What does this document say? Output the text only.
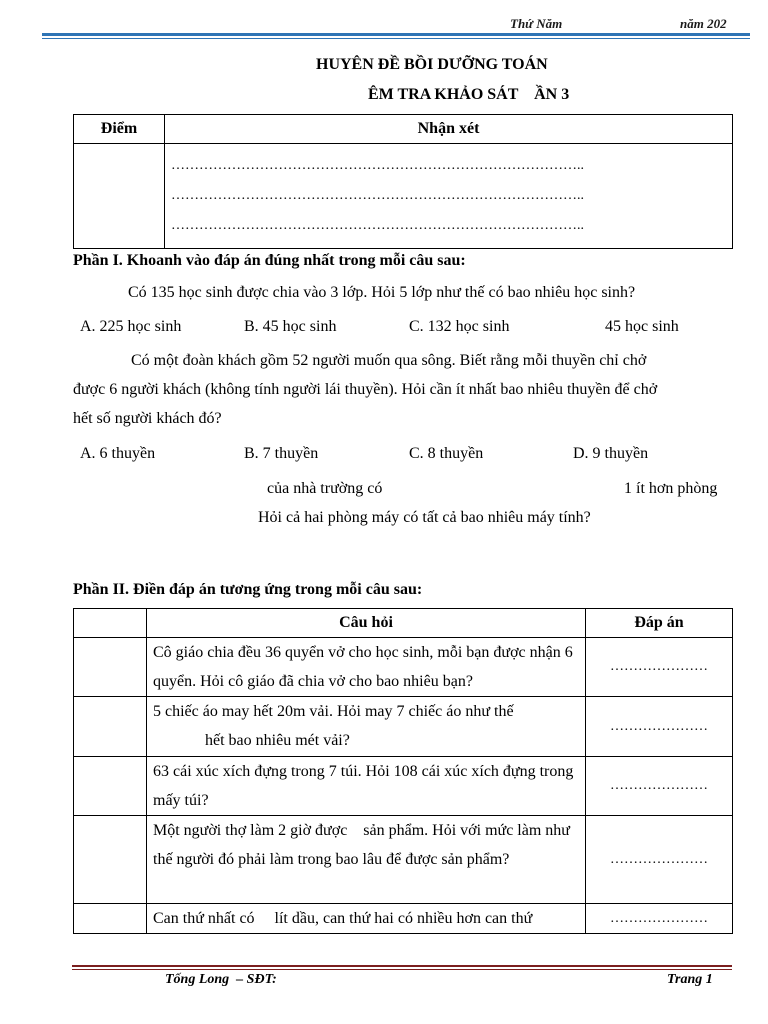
Thứ Năm	năm 202
HUYÊN ĐỀ BỒI DƯỠNG TOÁN
ÊM TRA KHẢO SÁT    ẦN 3
Điểm	Nhận xét

	……………………………………………………………………………..
……………………………………………………………………………..
……………………………………………………………………………..
Phần I. Khoanh vào đáp án đúng nhất trong mỗi câu sau:
Có 135 học sinh được chia vào 3 lớp. Hỏi 5 lớp như thế có bao nhiêu học sinh?
A. 225 học sinh	B. 45 học sinh	C. 132 học sinh	45 học sinh
Có một đoàn khách gồm 52 người muốn qua sông. Biết rằng mỗi thuyền chỉ chở
được 6 người khách (không tính người lái thuyền). Hỏi cần ít nhất bao nhiêu thuyền để chở
hết số người khách đó?
A. 6 thuyền	B. 7 thuyền	C. 8 thuyền	D. 9 thuyền
của nhà trường có	1 ít hơn phòng
Hỏi cả hai phòng máy có tất cả bao nhiêu máy tính?
Phần II. Điền đáp án tương ứng trong mỗi câu sau:
	Câu hỏi	Đáp án
	Cô giáo chia đều 36 quyển vở cho học sinh, mỗi bạn được nhận 6 quyển. Hỏi cô giáo đã chia vở cho bao nhiêu bạn?	…………………

	5 chiếc áo may hết 20m vải. Hỏi may 7 chiếc áo như thế
hết bao nhiêu mét vải?	…………………
	63 cái xúc xích đựng trong 7 túi. Hỏi 108 cái xúc xích đựng trong mấy túi?	…………………
	Một người thợ làm 2 giờ được    sản phẩm. Hỏi với mức làm như thế người đó phải làm trong bao lâu để được sản phẩm?	…………………
	Can thứ nhất có     lít dầu, can thứ hai có nhiều hơn can thứ	…………………
Tống Long  – SĐT:	Trang 1
